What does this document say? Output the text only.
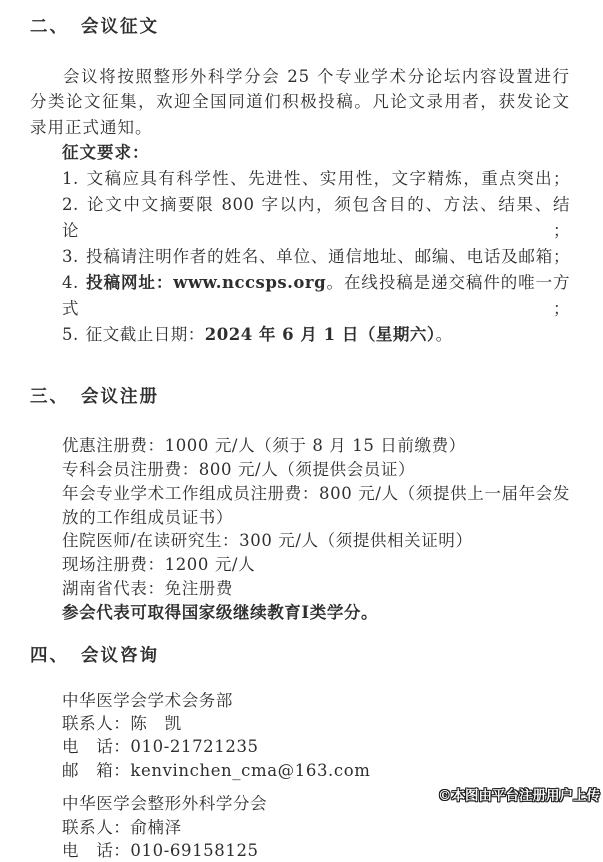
二、 会议征文

会议将按照整形外科学分会 25 个专业学术分论坛内容设置进行分类论文征集，欢迎全国同道们积极投稿。凡论文录用者，获发论文录用正式通知。

征文要求：

1. 文稿应具有科学性、先进性、实用性，文字精炼，重点突出；

2. 论文中文摘要限 800 字以内，须包含目的、方法、结果、结论；

3. 投稿请注明作者的姓名、单位、通信地址、邮编、电话及邮箱；

4. 投稿网址：www.nccsps.org。在线投稿是递交稿件的唯一方式；

5. 征文截止日期：2024 年 6 月 1 日（星期六）。

三、 会议注册
优惠注册费：1000 元/人（须于 8 月 15 日前缴费）
专科会员注册费：800 元/人（须提供会员证）
年会专业学术工作组成员注册费：800 元/人（须提供上一届年会发放的工作组成员证书）
住院医师/在读研究生：300 元/人（须提供相关证明）
现场注册费：1200 元/人
湖南省代表：免注册费
参会代表可取得国家级继续教育Ⅰ类学分。
四、 会议咨询
中华医学会学术会务部
联系人：陈　凯
电　话：010-21721235
邮　箱：kenvinchen_cma@163.com
中华医学会整形外科学分会
联系人：俞楠泽
电　话：010-69158125
©本图由平台注册用户上传
